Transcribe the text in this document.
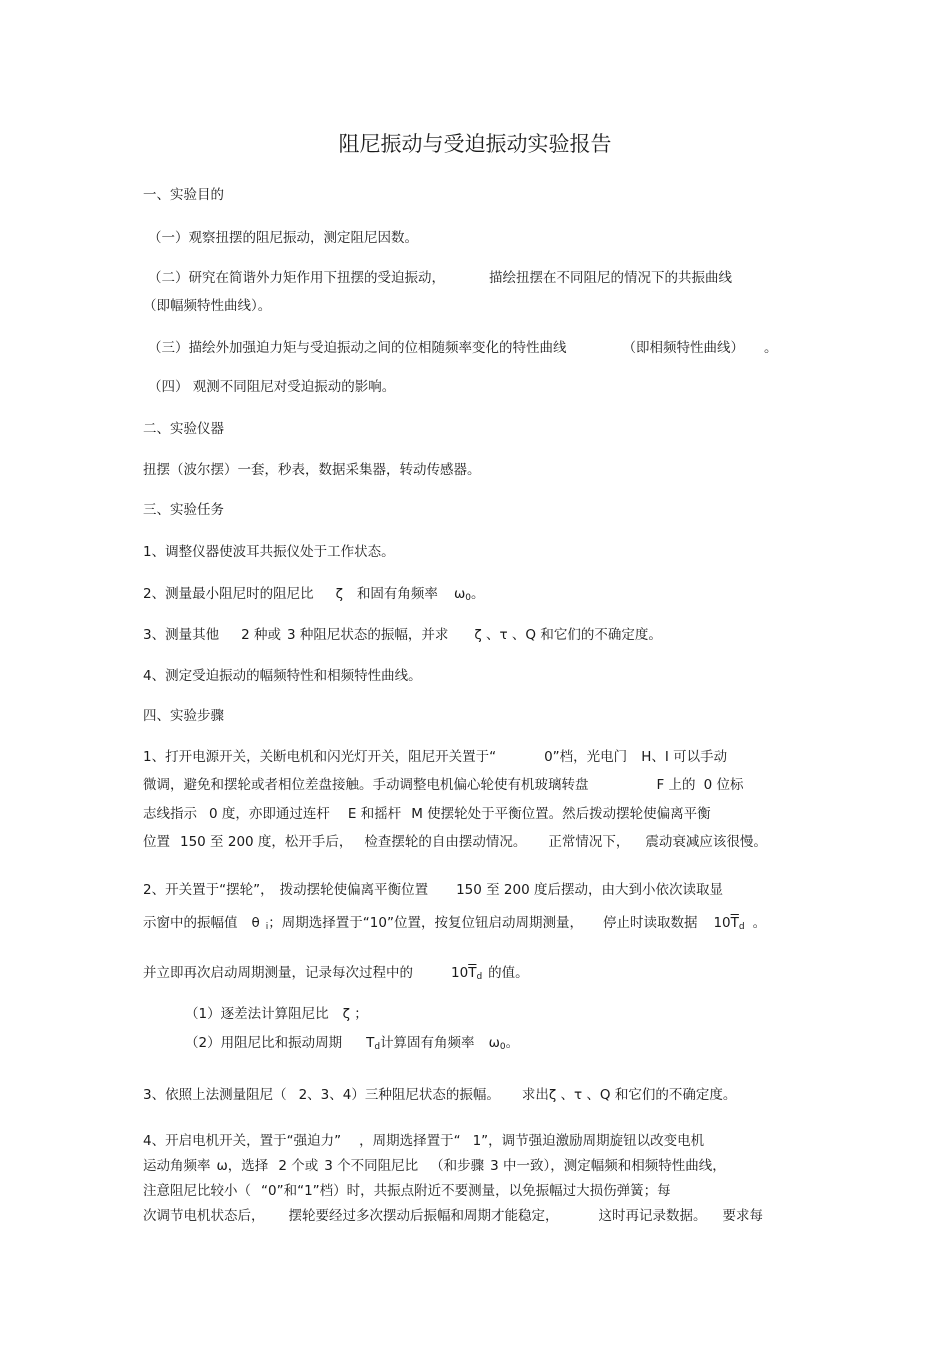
阻尼振动与受迫振动实验报告
一、实验目的
（一）观察扭摆的阻尼振动，测定阻尼因数。
（二）研究在简谐外力矩作用下扭摆的受迫振动，	描绘扭摆在不同阻尼的情况下的共振曲线
（即幅频特性曲线）。
（三）描绘外加强迫力矩与受迫振动之间的位相随频率变化的特性曲线	（即相频特性曲线） 。
（四） 观测不同阻尼对受迫振动的影响。
二、实验仪器
扭摆（波尔摆）一套，秒表，数据采集器，转动传感器。
三、实验任务
1、调整仪器使波耳共振仪处于工作状态。
2、测量最小阻尼时的阻尼比 ζ 和固有角频率 $\omega_0$。
3、测量其他 2 种或 3 种阻尼状态的振幅，并求 ζ 、τ 、Q 和它们的不确定度。
4、测定受迫振动的幅频特性和相频特性曲线。
四、实验步骤
1、打开电源开关，关断电机和闪光灯开关，阻尼开关置于“	0”档，光电门 H、I 可以手动
微调，避免和摆轮或者相位差盘接触。手动调整电机偏心轮使有机玻璃转盘	F 上的 0 位标
志线指示 0 度，亦即通过连杆 E 和摇杆 M 使摆轮处于平衡位置。然后拨动摆轮使偏离平衡
位置 150 至 200 度，松开手后， 检查摆轮的自由摆动情况。 正常情况下， 震动衰减应该很慢。
2、开关置于“摆轮”， 拨动摆轮使偏离平衡位置 150 至 200 度后摆动，由大到小依次读取显
示窗中的振幅值 θ $_i$；周期选择置于“10”位置，按复位钮启动周期测量， 停止时读取数据 $10\overline{T}_d$ 。
并立即再次启动周期测量，记录每次过程中的	$10\overline{T}_d$ 的值。
（1）逐差法计算阻尼比 ζ ；
（2）用阻尼比和振动周期 $T_d$计算固有角频率 $\omega_0$。
3、依照上法测量阻尼（ 2、3、4）三种阻尼状态的振幅。 求出ζ 、τ 、Q 和它们的不确定度。
4、开启电机开关，置于“强迫力” ，周期选择置于“ 1”，调节强迫激励周期旋钮以改变电机
运动角频率 ω，选择 2 个或 3 个不同阻尼比 （和步骤 3 中一致），测定幅频和相频特性曲线，
注意阻尼比较小（ “0”和“1”档）时，共振点附近不要测量，以免振幅过大损伤弹簧；每
次调节电机状态后， 摆轮要经过多次摆动后振幅和周期才能稳定，	这时再记录数据。 要求每
